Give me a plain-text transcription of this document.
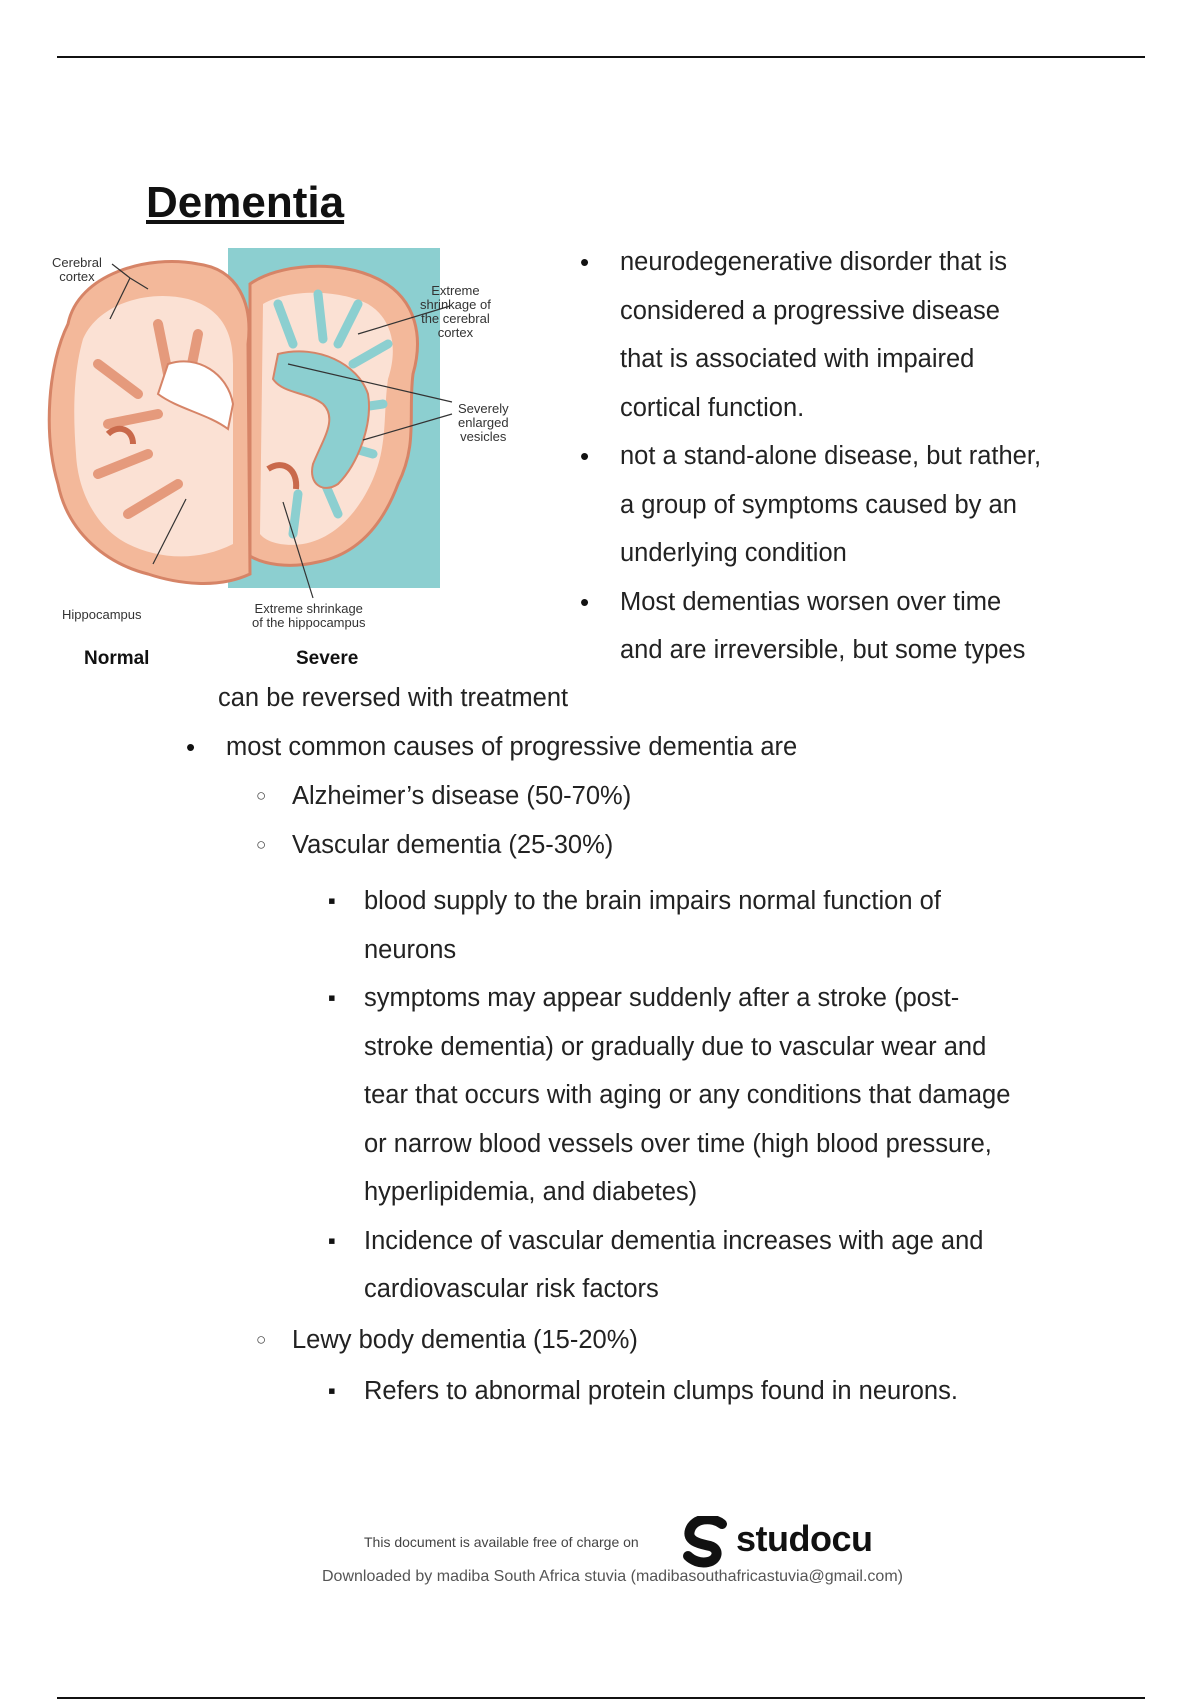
Dementia
Cerebral
cortex
Extreme
shrinkage of
the cerebral
cortex
Severely
enlarged
vesicles
Hippocampus	Extreme shrinkage
of the hippocampus
Normal	Severe
• neurodegenerative disorder that is
considered a progressive disease
that is associated with impaired
cortical function.
• not a stand-alone disease, but rather,
a group of symptoms caused by an
underlying condition
• Most dementias worsen over time
and are irreversible, but some types
can be reversed with treatment
• most common causes of progressive dementia are
○ Alzheimer’s disease (50-70%)
○ Vascular dementia (25-30%)
▪ blood supply to the brain impairs normal function of
neurons
▪ symptoms may appear suddenly after a stroke (post-
stroke dementia) or gradually due to vascular wear and
tear that occurs with aging or any conditions that damage
or narrow blood vessels over time (high blood pressure,
hyperlipidemia, and diabetes)
▪ Incidence of vascular dementia increases with age and
cardiovascular risk factors
○ Lewy body dementia (15-20%)
▪ Refers to abnormal protein clumps found in neurons.
This document is available free of charge on	studocu
Downloaded by madiba South Africa stuvia (madibasouthafricastuvia@gmail.com)
